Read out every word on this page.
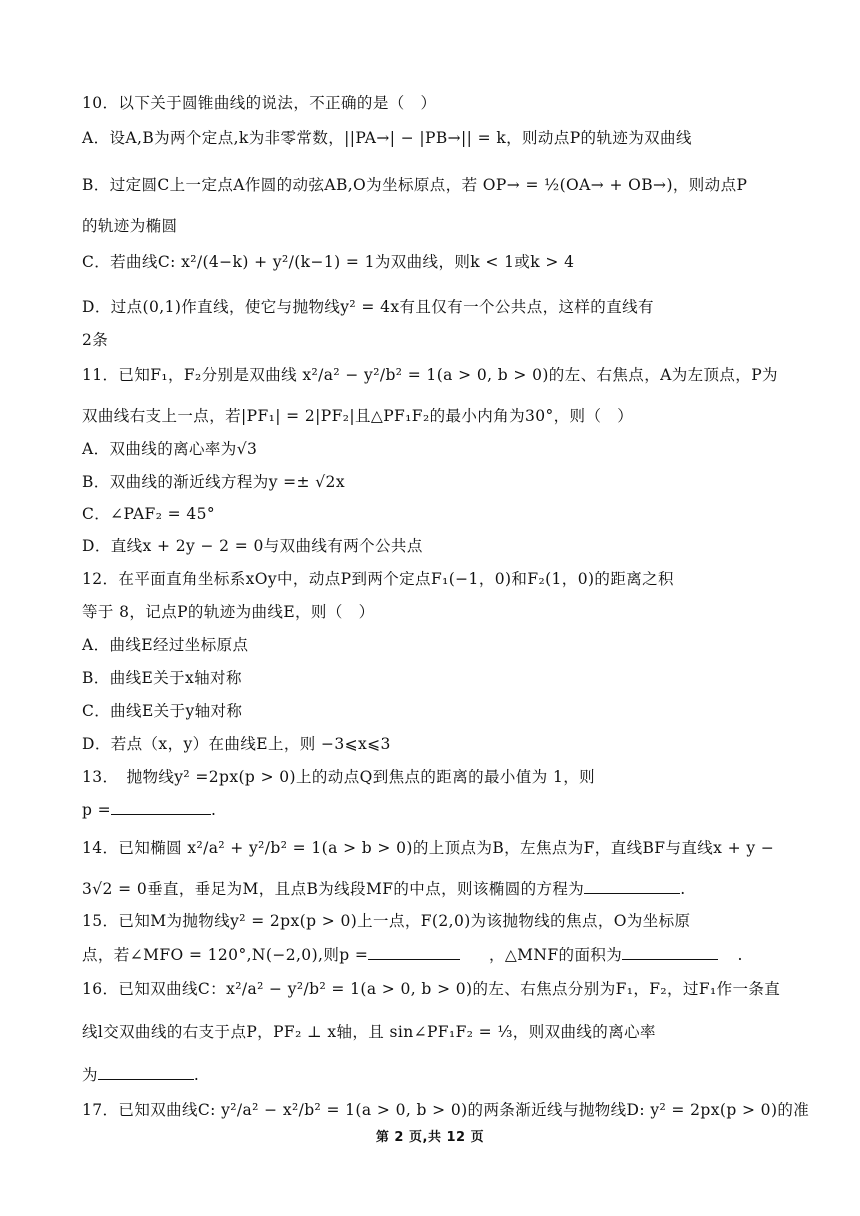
10．以下关于圆锥曲线的说法，不正确的是（　）
A．设A,B为两个定点,k为非零常数，||PA→| − |PB→|| = k，则动点P的轨迹为双曲线
B．过定圆C上一定点A作圆的动弦AB,O为坐标原点，若 OP→ = ½(OA→ + OB→)，则动点P
的轨迹为椭圆
C．若曲线C: x²/(4−k) + y²/(k−1) = 1为双曲线，则k < 1或k > 4
D．过点(0,1)作直线，使它与抛物线y² = 4x有且仅有一个公共点，这样的直线有
2条
11．已知F₁，F₂分别是双曲线 x²/a² − y²/b² = 1(a > 0, b > 0)的左、右焦点，A为左顶点，P为
双曲线右支上一点，若|PF₁| = 2|PF₂|且△PF₁F₂的最小内角为30°，则（　）
A．双曲线的离心率为√3
B．双曲线的渐近线方程为y =± √2x
C．∠PAF₂ = 45°
D．直线x + 2y − 2 = 0与双曲线有两个公共点
12．在平面直角坐标系xOy中，动点P到两个定点F₁(−1，0)和F₂(1，0)的距离之积
等于 8，记点P的轨迹为曲线E，则（　）
A．曲线E经过坐标原点
B．曲线E关于x轴对称
C．曲线E关于y轴对称
D．若点（x，y）在曲线E上，则 −3⩽x⩽3
13．　抛物线y² =2px(p > 0)上的动点Q到焦点的距离的最小值为 1，则
p =	.
14．已知椭圆 x²/a² + y²/b² = 1(a > b > 0)的上顶点为B，左焦点为F，直线BF与直线x + y −
3√2 = 0垂直，垂足为M，且点B为线段MF的中点，则该椭圆的方程为	.
15．已知M为抛物线y² = 2px(p > 0)上一点，F(2,0)为该抛物线的焦点，O为坐标原
点，若∠MFO = 120°,N(−2,0),则p =	，△MNF的面积为	.
16．已知双曲线C：x²/a² − y²/b² = 1(a > 0, b > 0)的左、右焦点分别为F₁，F₂，过F₁作一条直
线l交双曲线的右支于点P，PF₂ ⊥ x轴，且 sin∠PF₁F₂ = ⅓，则双曲线的离心率
为	.
17．已知双曲线C: y²/a² − x²/b² = 1(a > 0, b > 0)的两条渐近线与抛物线D: y² = 2px(p > 0)的准
第 2 页,共 12 页
